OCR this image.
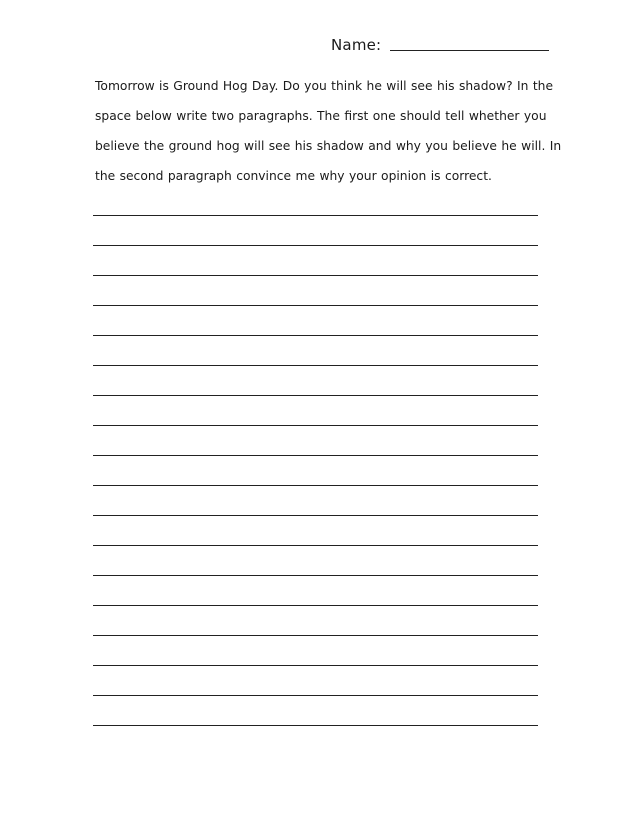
Name:
Tomorrow is Ground Hog Day. Do you think he will see his shadow? In the
space below write two paragraphs. The first one should tell whether you
believe the ground hog will see his shadow and why you believe he will. In
the second paragraph convince me why your opinion is correct.
